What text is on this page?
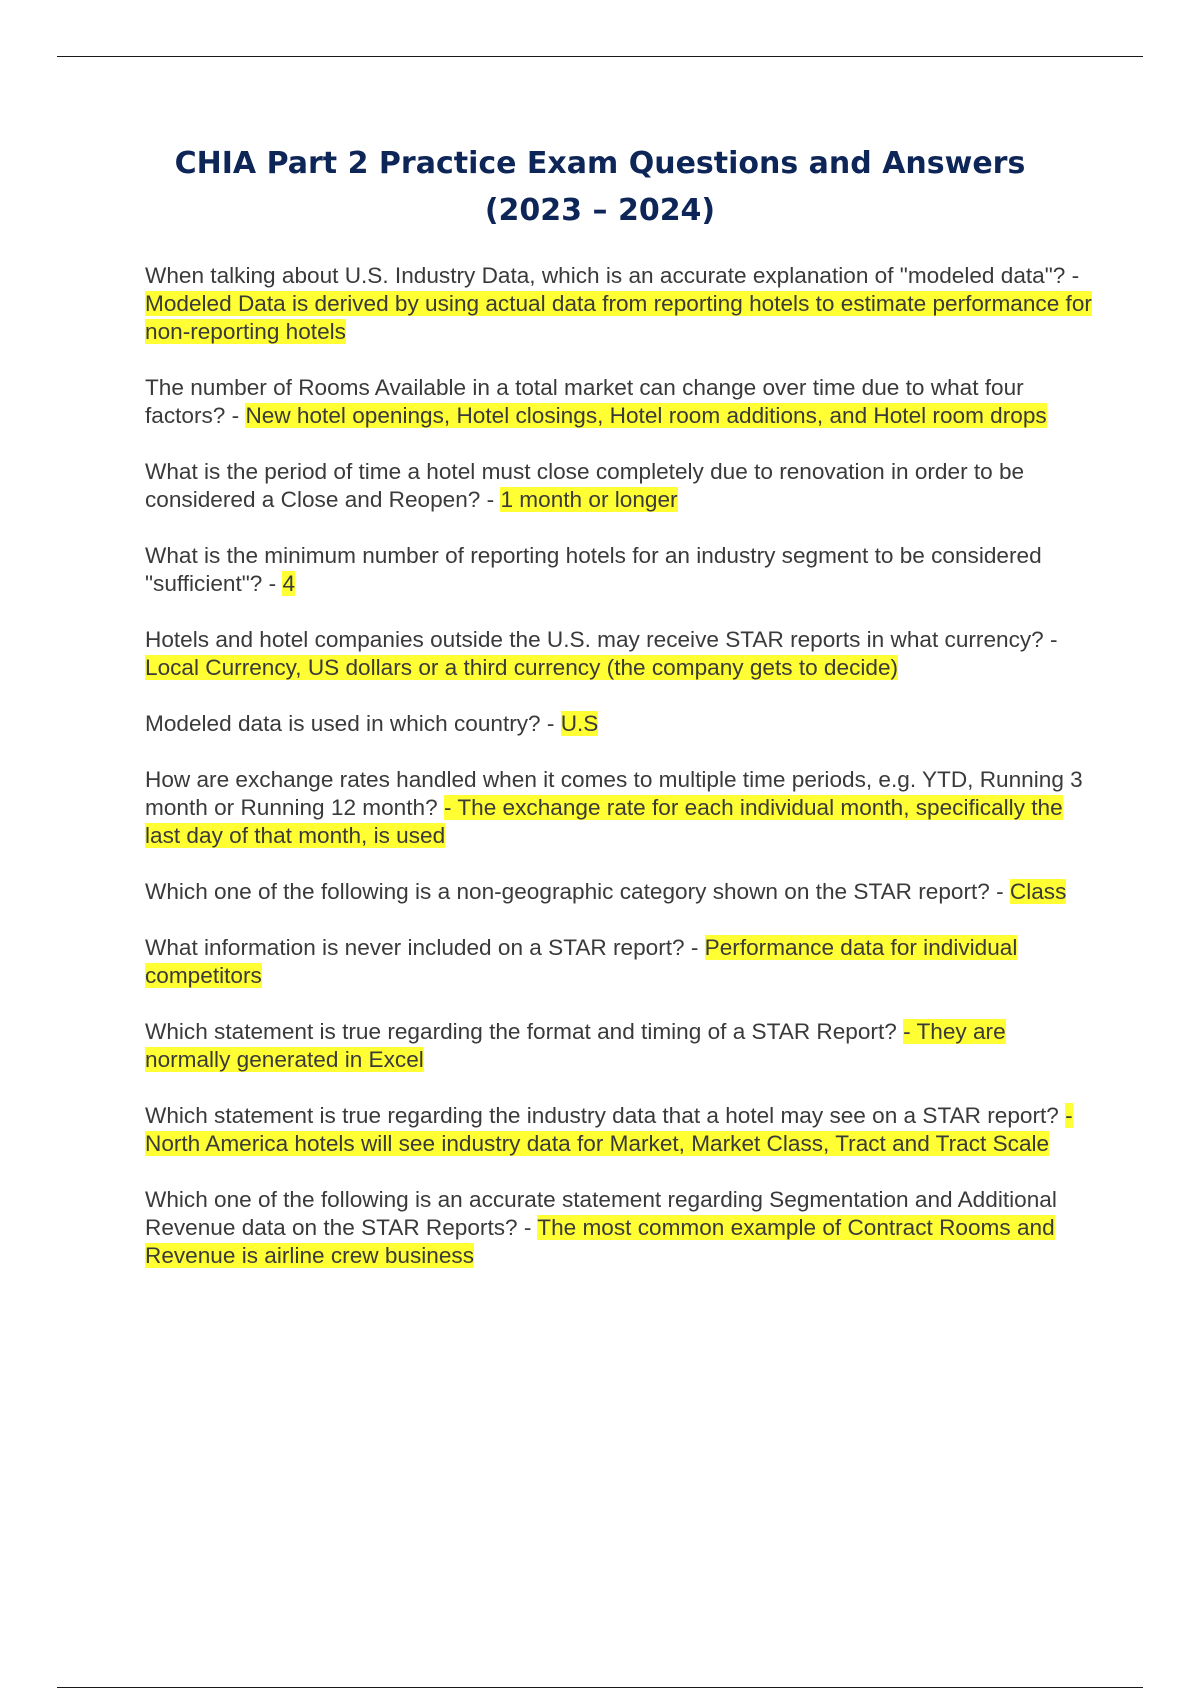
CHIA Part 2 Practice Exam Questions and Answers
(2023 – 2024)

When talking about U.S. Industry Data, which is an accurate explanation of "modeled data"? - Modeled Data is derived by using actual data from reporting hotels to estimate performance for non-reporting hotels

The number of Rooms Available in a total market can change over time due to what four factors? - New hotel openings, Hotel closings, Hotel room additions, and Hotel room drops

What is the period of time a hotel must close completely due to renovation in order to be considered a Close and Reopen? - 1 month or longer

What is the minimum number of reporting hotels for an industry segment to be considered "sufficient"? - 4

Hotels and hotel companies outside the U.S. may receive STAR reports in what currency? - Local Currency, US dollars or a third currency (the company gets to decide)

Modeled data is used in which country? - U.S

How are exchange rates handled when it comes to multiple time periods, e.g. YTD, Running 3 month or Running 12 month? - The exchange rate for each individual month, specifically the last day of that month, is used

Which one of the following is a non-geographic category shown on the STAR report? - Class

What information is never included on a STAR report? - Performance data for individual competitors

Which statement is true regarding the format and timing of a STAR Report? - They are normally generated in Excel

Which statement is true regarding the industry data that a hotel may see on a STAR report? - North America hotels will see industry data for Market, Market Class, Tract and Tract Scale

Which one of the following is an accurate statement regarding Segmentation and Additional Revenue data on the STAR Reports? - The most common example of Contract Rooms and Revenue is airline crew business
